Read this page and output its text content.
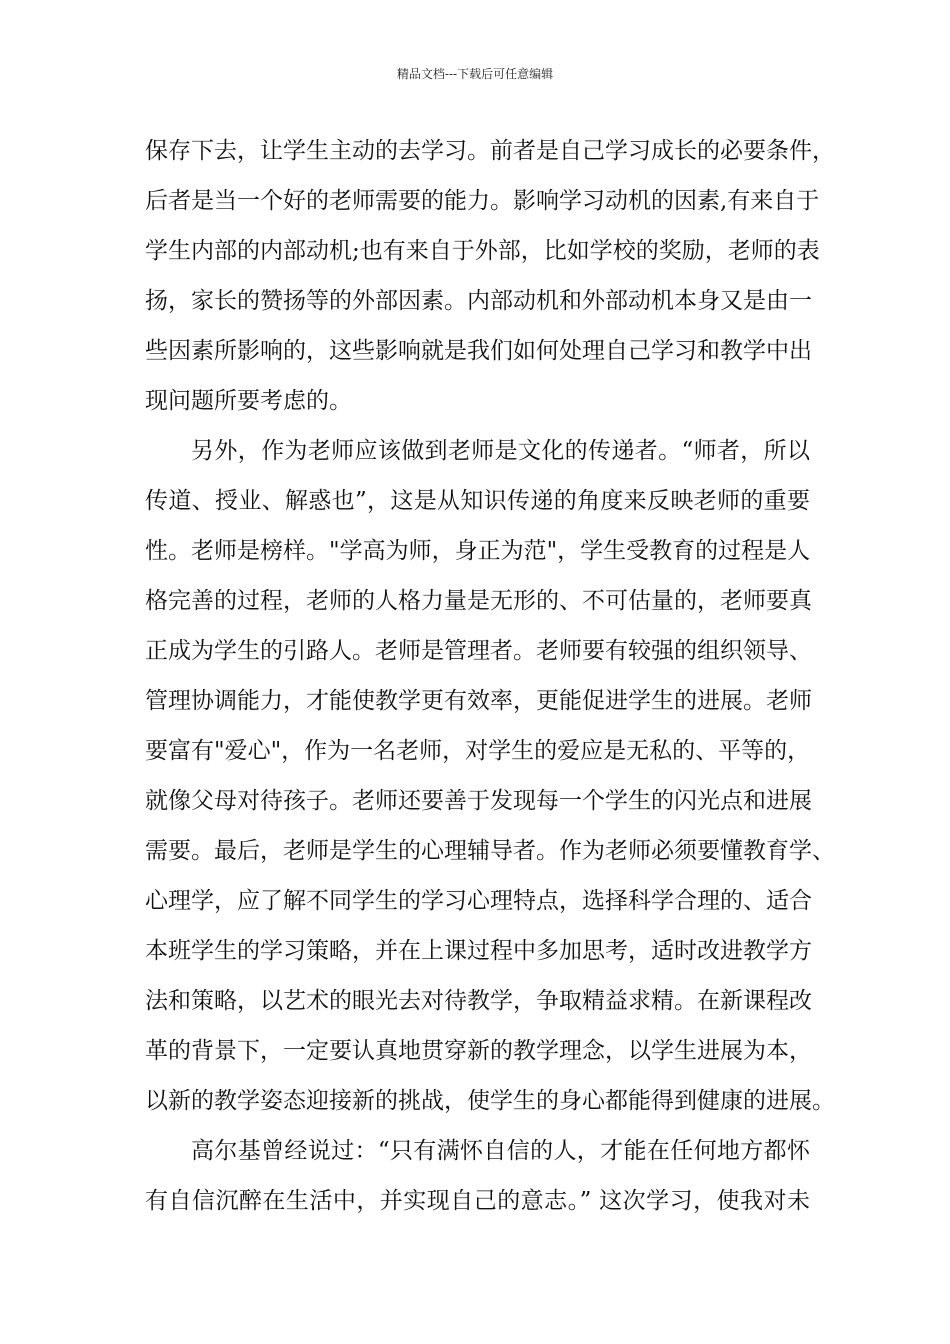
精品文档---下载后可任意编辑
保存下去，让学生主动的去学习。前者是自己学习成长的必要条件，
后者是当一个好的老师需要的能力。影响学习动机的因素,有来自于
学生内部的内部动机;也有来自于外部，比如学校的奖励，老师的表
扬，家长的赞扬等的外部因素。内部动机和外部动机本身又是由一
些因素所影响的，这些影响就是我们如何处理自己学习和教学中出
现问题所要考虑的。
另外，作为老师应该做到老师是文化的传递者。“师者，所以
传道、授业、解惑也”，这是从知识传递的角度来反映老师的重要
性。老师是榜样。"学高为师，身正为范"，学生受教育的过程是人
格完善的过程，老师的人格力量是无形的、不可估量的，老师要真
正成为学生的引路人。老师是管理者。老师要有较强的组织领导、
管理协调能力，才能使教学更有效率，更能促进学生的进展。老师
要富有"爱心"，作为一名老师，对学生的爱应是无私的、平等的，
就像父母对待孩子。老师还要善于发现每一个学生的闪光点和进展
需要。最后，老师是学生的心理辅导者。作为老师必须要懂教育学、
心理学，应了解不同学生的学习心理特点，选择科学合理的、适合
本班学生的学习策略，并在上课过程中多加思考，适时改进教学方
法和策略，以艺术的眼光去对待教学，争取精益求精。在新课程改
革的背景下，一定要认真地贯穿新的教学理念，以学生进展为本，
以新的教学姿态迎接新的挑战，使学生的身心都能得到健康的进展。
高尔基曾经说过：“只有满怀自信的人，才能在任何地方都怀
有自信沉醉在生活中，并实现自己的意志。” 这次学习，使我对未
